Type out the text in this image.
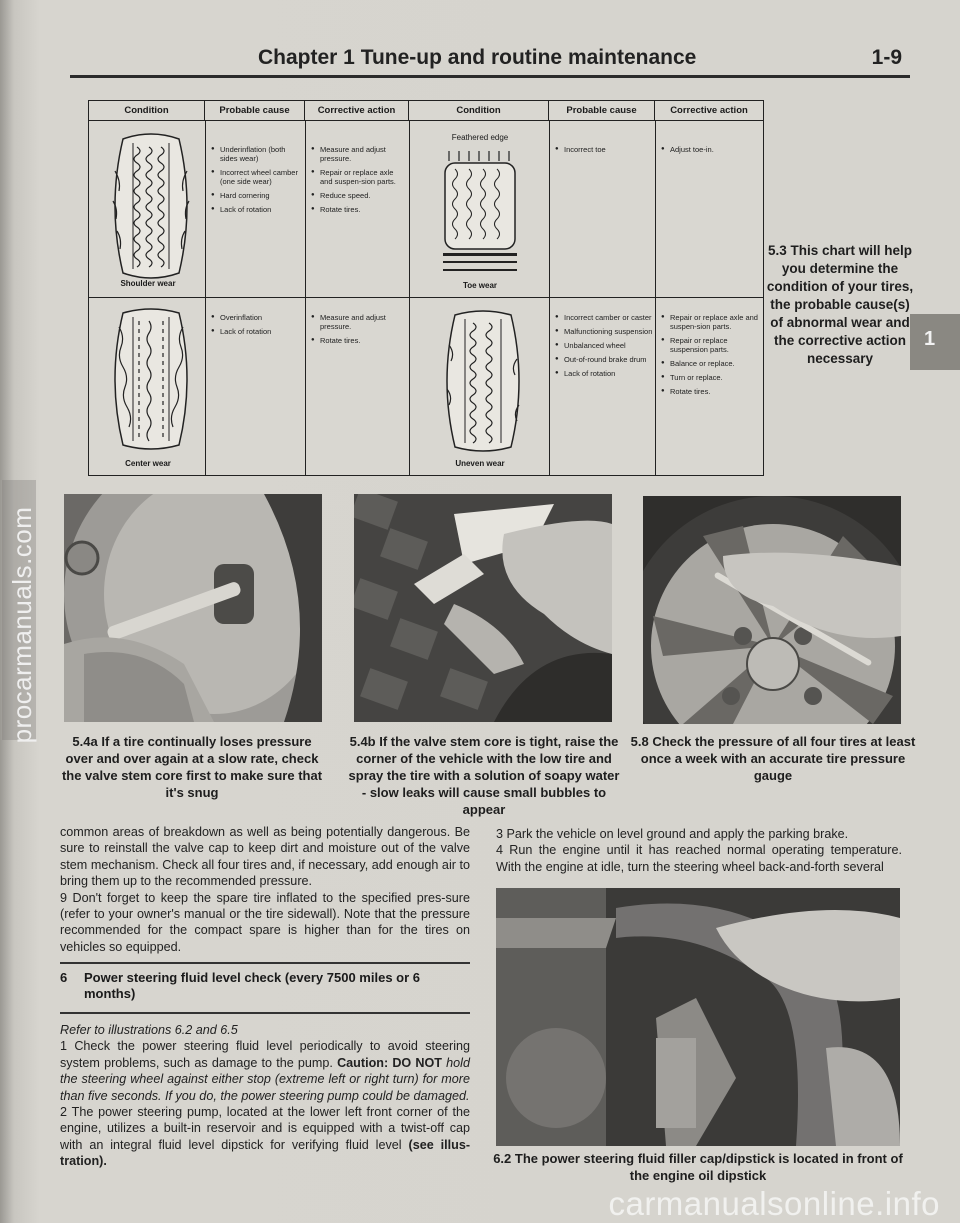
Chapter 1 Tune-up and routine maintenance	1-9
Condition	Probable cause	Corrective action	Condition	Probable cause	Corrective action
Shoulder wear
● Underinflation (both sides wear)
● Incorrect wheel camber (one side wear)
● Hard cornering
● Lack of rotation
● Measure and adjust pressure.
● Repair or replace axle and suspen-sion parts.
● Reduce speed.
● Rotate tires.
Feathered edge
Toe wear
● Incorrect toe
●	Adjust toe-in.
Center wear
● Overinflation
● Lack of rotation
● Measure and adjust pressure.
● Rotate tires.
Uneven wear
● Incorrect camber or caster
● Malfunctioning suspension
● Unbalanced wheel
● Out-of-round brake drum
● Lack of rotation
● Repair or replace axle and suspen-sion parts.
● Repair or replace suspension parts.
● Balance or replace.
● Turn or replace.
● Rotate tires.
5.3 This chart will help you determine the condition of your tires, the probable cause(s) of abnormal wear and the corrective action necessary
1
5.4a If a tire continually loses pressure over and over again at a slow rate, check the valve stem core first to make sure that it's snug
5.4b If the valve stem core is tight, raise the corner of the vehicle with the low tire and spray the tire with a solution of soapy water - slow leaks will cause small bubbles to appear
5.8 Check the pressure of all four tires at least once a week with an accurate tire pressure gauge

common areas of breakdown as well as being potentially dangerous. Be sure to reinstall the valve cap to keep dirt and moisture out of the valve stem mechanism. Check all four tires and, if necessary, add enough air to bring them up to the recommended pressure.

9 Don't forget to keep the spare tire inflated to the specified pres-sure (refer to your owner's manual or the tire sidewall). Note that the pressure recommended for the compact spare is higher than for the tires on vehicles so equipped.

6 Power steering fluid level check (every 7500 miles or 6 months)

Refer to illustrations 6.2 and 6.5

1 Check the power steering fluid level periodically to avoid steering system problems, such as damage to the pump. Caution: DO NOT hold the steering wheel against either stop (extreme left or right turn) for more than five seconds. If you do, the power steering pump could be damaged.

2 The power steering pump, located at the lower left front corner of the engine, utilizes a built-in reservoir and is equipped with a twist-off cap with an integral fluid level dipstick for verifying fluid level (see illus-tration).

3 Park the vehicle on level ground and apply the parking brake.

4 Run the engine until it has reached normal operating temperature. With the engine at idle, turn the steering wheel back-and-forth several

6.2 The power steering fluid filler cap/dipstick is located in front of the engine oil dipstick
procarmanuals.com
carmanualsonline.info
